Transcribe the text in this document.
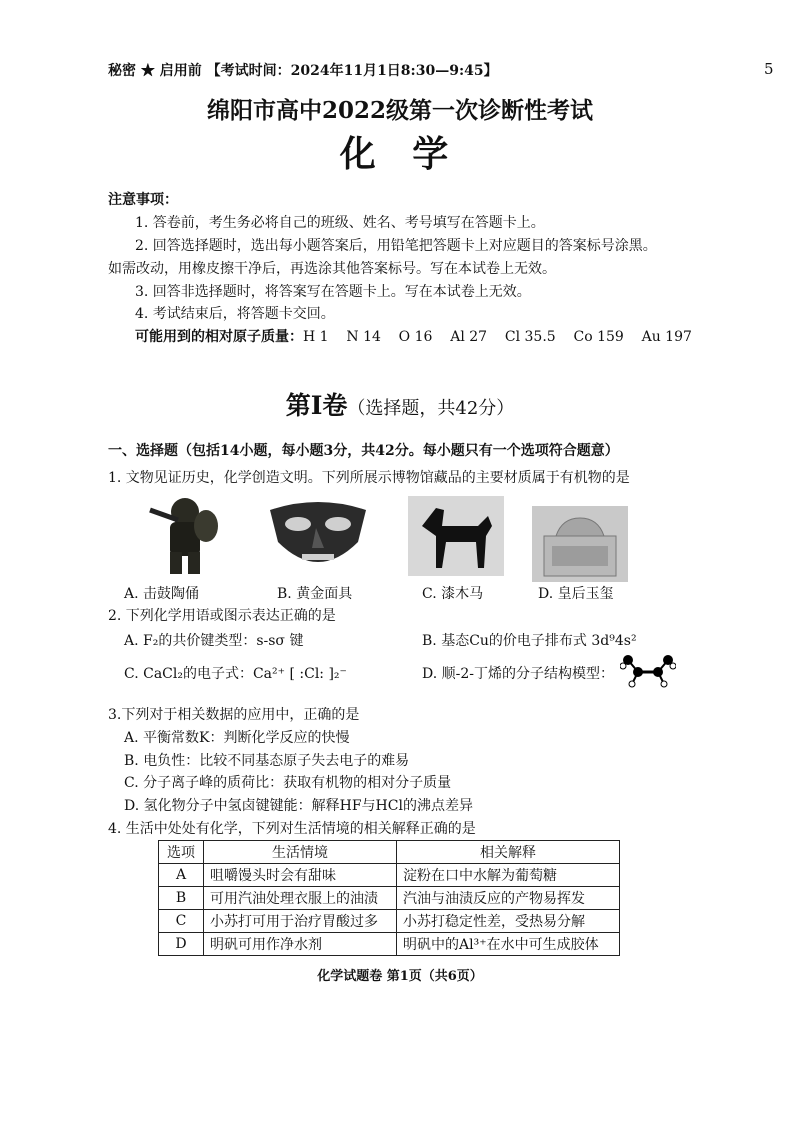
秘密 ★ 启用前 【考试时间：2024年11月1日8:30—9:45】	5
绵阳市高中2022级第一次诊断性考试
化 学
注意事项：
1. 答卷前，考生务必将自己的班级、姓名、考号填写在答题卡上。
2. 回答选择题时，选出每小题答案后，用铅笔把答题卡上对应题目的答案标号涂黑。
如需改动，用橡皮擦干净后，再选涂其他答案标号。写在本试卷上无效。
3. 回答非选择题时，将答案写在答题卡上。写在本试卷上无效。
4. 考试结束后，将答题卡交回。
可能用到的相对原子质量：H 1    N 14    O 16    Al 27    Cl 35.5    Co 159    Au 197
第Ⅰ卷（选择题，共42分）
一、选择题（包括14小题，每小题3分，共42分。每小题只有一个选项符合题意）
1. 文物见证历史，化学创造文明。下列所展示博物馆藏品的主要材质属于有机物的是
A. 击鼓陶俑	B. 黄金面具	C. 漆木马	D. 皇后玉玺
2. 下列化学用语或图示表达正确的是
A. F₂的共价键类型：s-sσ 键	B. 基态Cu的价电子排布式 3d⁹4s²
C. CaCl₂的电子式：Ca²⁺ [ :Cl: ]₂⁻	D. 顺-2-丁烯的分子结构模型：
3.下列对于相关数据的应用中，正确的是
A. 平衡常数K：判断化学反应的快慢
B. 电负性：比较不同基态原子失去电子的难易
C. 分子离子峰的质荷比：获取有机物的相对分子质量
D. 氢化物分子中氢卤键键能：解释HF与HCl的沸点差异
4. 生活中处处有化学，下列对生活情境的相关解释正确的是
选项	生活情境	相关解释
A	咀嚼馒头时会有甜味	淀粉在口中水解为葡萄糖
B	可用汽油处理衣服上的油渍	汽油与油渍反应的产物易挥发
C	小苏打可用于治疗胃酸过多	小苏打稳定性差，受热易分解
D	明矾可用作净水剂	明矾中的Al³⁺在水中可生成胶体
化学试题卷 第1页（共6页）
